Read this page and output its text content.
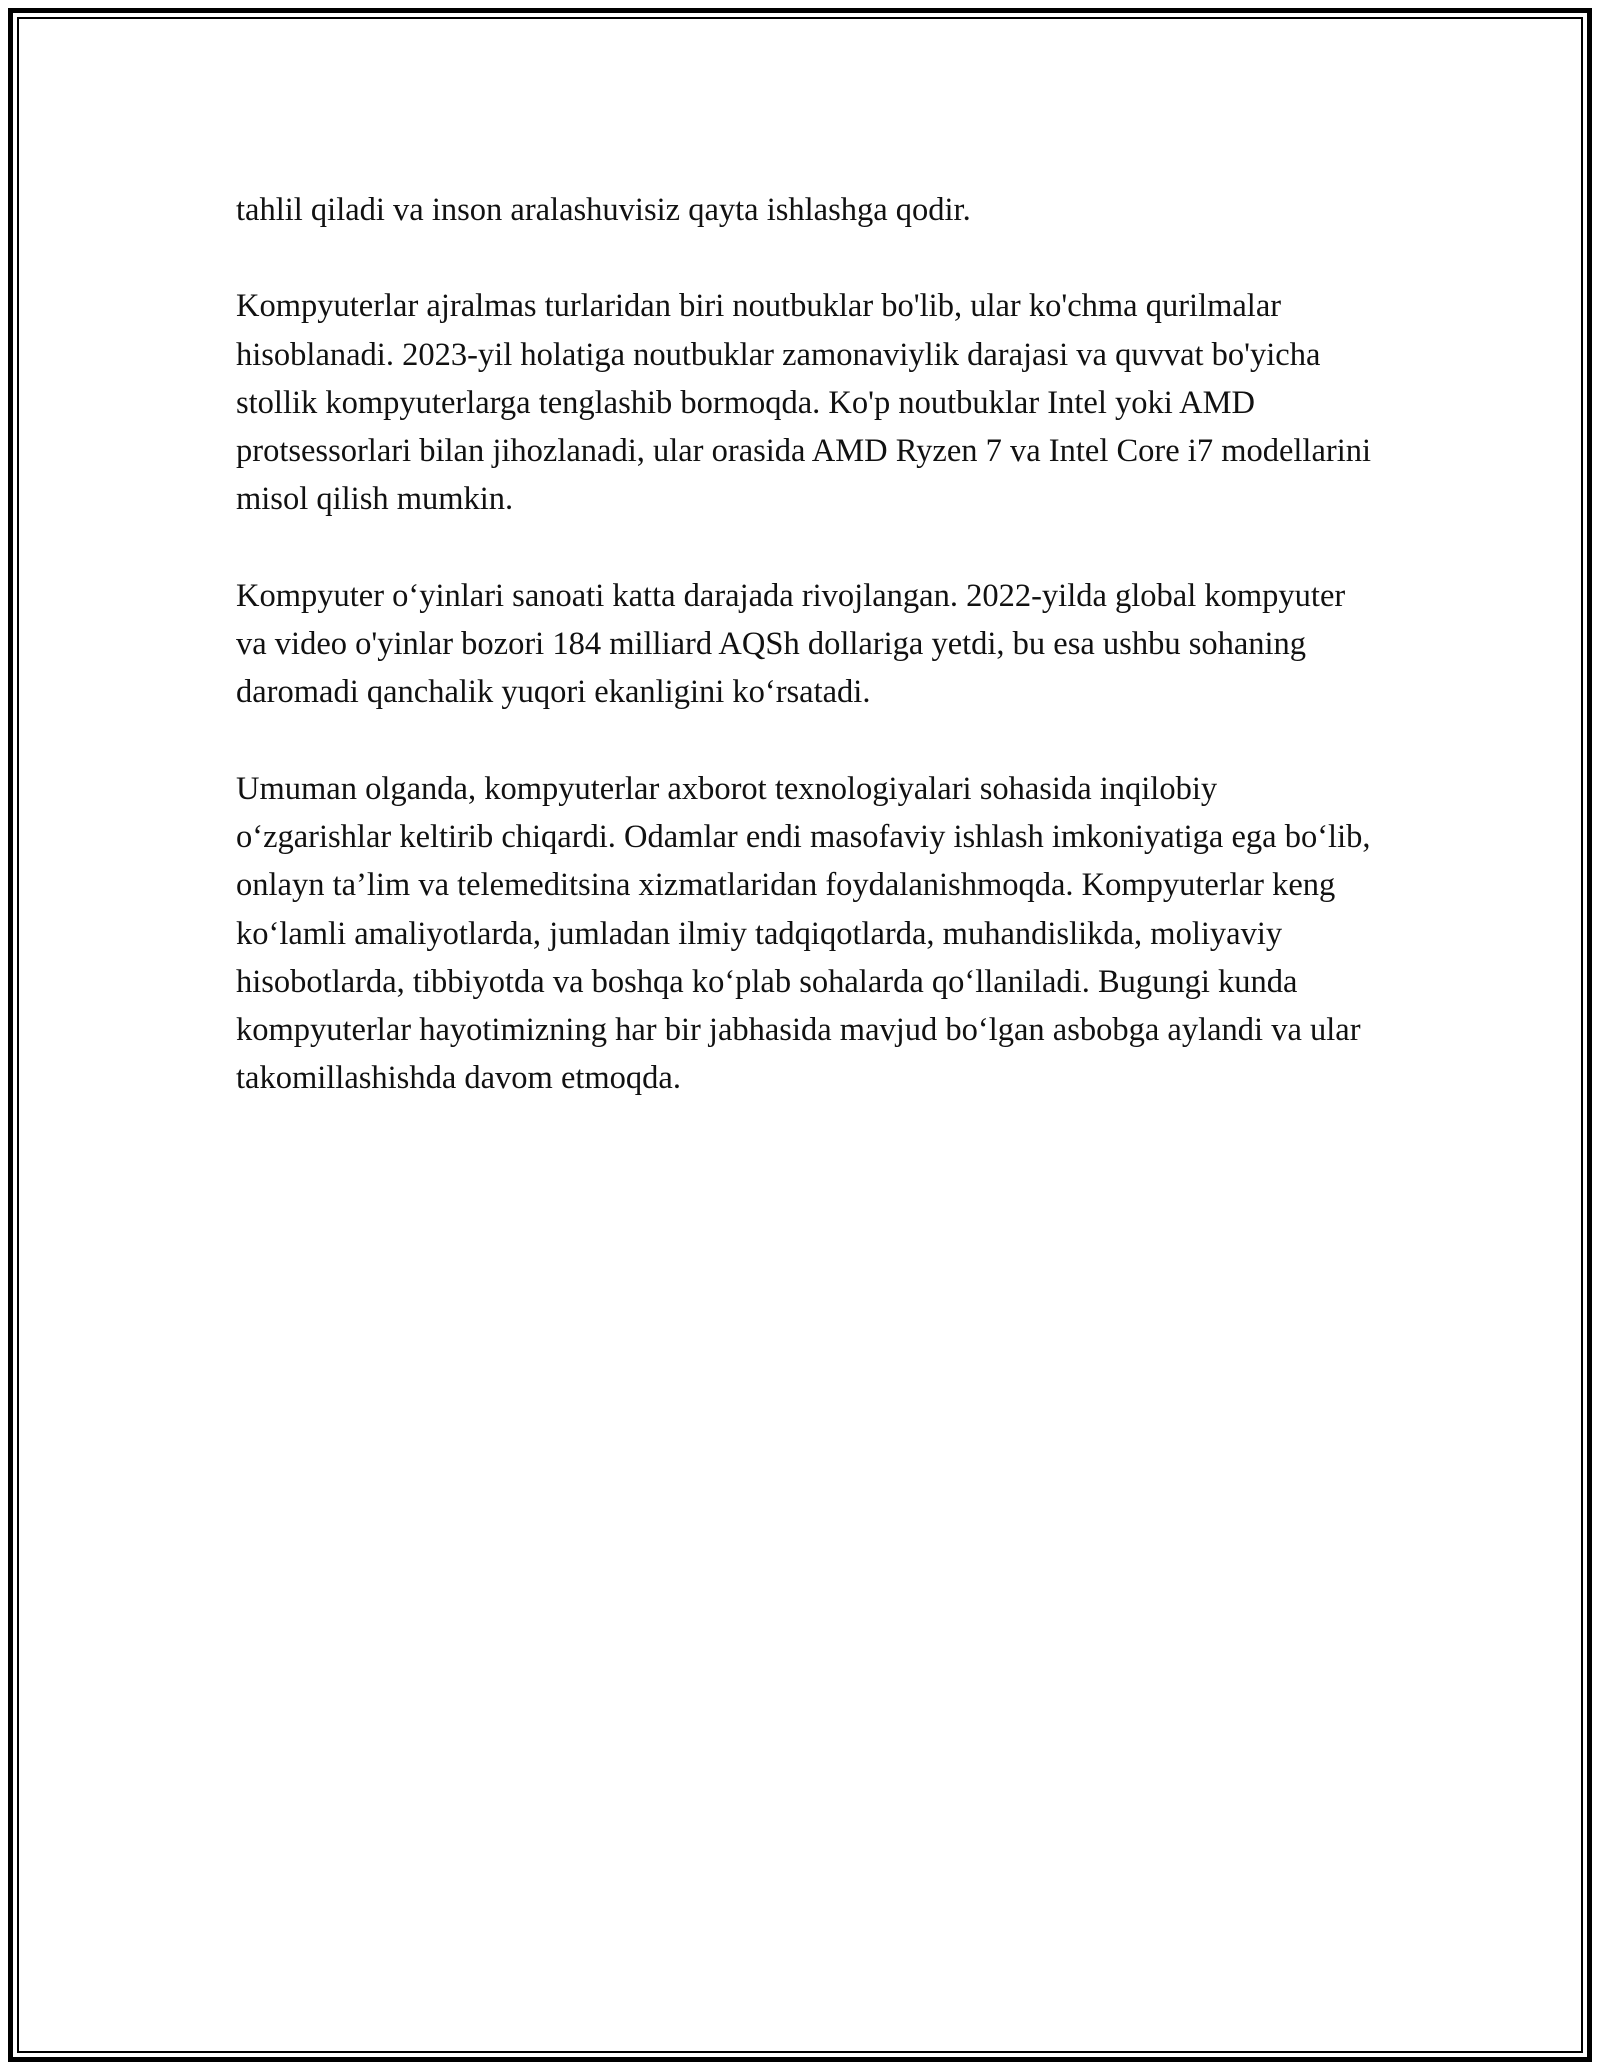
tahlil qiladi va inson aralashuvisiz qayta ishlashga qodir.

Kompyuterlar ajralmas turlaridan biri noutbuklar bo'lib, ular ko'chma qurilmalar hisoblanadi. 2023-yil holatiga noutbuklar zamonaviylik darajasi va quvvat bo'yicha stollik kompyuterlarga tenglashib bormoqda. Ko'p noutbuklar Intel yoki AMD protsessorlari bilan jihozlanadi, ular orasida AMD Ryzen 7 va Intel Core i7 modellarini misol qilish mumkin.

Kompyuter o‘yinlari sanoati katta darajada rivojlangan. 2022-yilda global kompyuter va video o'yinlar bozori 184 milliard AQSh dollariga yetdi, bu esa ushbu sohaning daromadi qanchalik yuqori ekanligini ko‘rsatadi.

Umuman olganda, kompyuterlar axborot texnologiyalari sohasida inqilobiy o‘zgarishlar keltirib chiqardi. Odamlar endi masofaviy ishlash imkoniyatiga ega bo‘lib, onlayn ta’lim va telemeditsina xizmatlaridan foydalanishmoqda. Kompyuterlar keng ko‘lamli amaliyotlarda, jumladan ilmiy tadqiqotlarda, muhandislikda, moliyaviy hisobotlarda, tibbiyotda va boshqa ko‘plab sohalarda qo‘llaniladi. Bugungi kunda kompyuterlar hayotimizning har bir jabhasida mavjud bo‘lgan asbobga aylandi va ular takomillashishda davom etmoqda.
